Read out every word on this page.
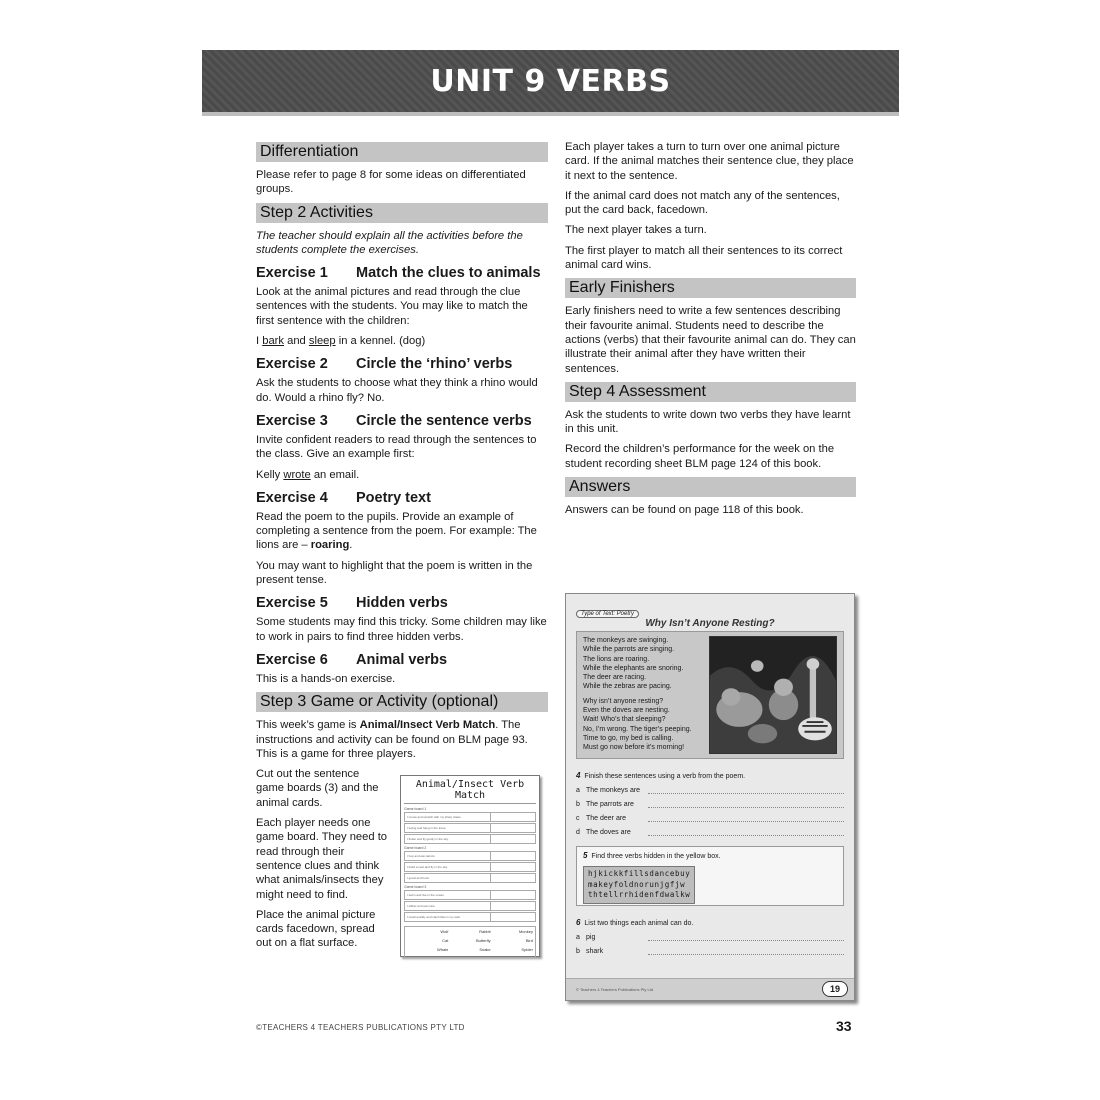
UNIT 9 VERBS
Differentiation

Please refer to page 8 for some ideas on differentiated groups.

Step 2 Activities

The teacher should explain all the activities before the students complete the exercises.

Exercise 1	Match the clues to animals

Look at the animal pictures and read through the clue sentences with the students. You may like to match the first sentence with the children:

I bark and sleep in a kennel. (dog)

Exercise 2	Circle the ‘rhino’ verbs

Ask the students to choose what they think a rhino would do. Would a rhino fly? No.

Exercise 3	Circle the sentence verbs

Invite confident readers to read through the sentences to the class. Give an example first:

Kelly wrote an email.

Exercise 4	Poetry text

Read the poem to the pupils. Provide an example of completing a sentence from the poem. For example: The lions are – roaring.

You may want to highlight that the poem is written in the present tense.

Exercise 5	Hidden verbs

Some students may find this tricky. Some children may like to work in pairs to find three hidden verbs.

Exercise 6	Animal verbs

This is a hands-on exercise.

Step 3 Game or Activity (optional)

This week’s game is Animal/Insect Verb Match. The instructions and activity can be found on BLM page 93. This is a game for three players.

Cut out the sentence game boards (3) and the animal cards.

Each player needs one game board. They need to read through their sentence clues and think what animals/insects they might need to find.

Place the animal picture cards facedown, spread out on a flat surface.

Animal/Insect Verb Match
Game board 1
I meow and scratch with my sharp claws.
I swing and hang in the trees.
I flutter and fly gently in the sky.
Game board 2
I hop and eat carrots.
I build a nest and fly in the sky.
I growl and howl.
Game board 3
I swim and live in the ocean.
I slither and eat mice.
I crawl quickly and catch flies in my web.
Wolf	Rabbit	Monkey
Cat	Butterfly	Bird
Whale	Snake	Spider

Each player takes a turn to turn over one animal picture card. If the animal matches their sentence clue, they place it next to the sentence.

If the animal card does not match any of the sentences, put the card back, facedown.

The next player takes a turn.

The first player to match all their sentences to its correct animal card wins.

Early Finishers

Early finishers need to write a few sentences describing their favourite animal. Students need to describe the actions (verbs) that their favourite animal can do. They can illustrate their animal after they have written their sentences.

Step 4 Assessment

Ask the students to write down two verbs they have learnt in this unit.

Record the children’s performance for the week on the student recording sheet BLM page 124 of this book.

Answers

Answers can be found on page 118 of this book.

Type of Text: Poetry
Why Isn’t Anyone Resting?
The monkeys are swinging.
While the parrots are singing.
The lions are roaring.
While the elephants are snoring.
The deer are racing.
While the zebras are pacing.
Why isn’t anyone resting?
Even the doves are nesting.
Wait! Who’s that sleeping?
No, I’m wrong. The tiger’s peeping.
Time to go, my bed is calling.
Must go now before it’s morning!
4 Finish these sentences using a verb from the poem.
a The monkeys are
b The parrots are
c The deer are
d The doves are
5 Find three verbs hidden in the yellow box.
hjkickkfillsdancebuy
makeyfoldnorunjgfjw
thtellrrhidenfdwalkw
6 List two things each animal can do.
a pig
b shark
© Teachers 4 Teachers Publications Pty Ltd	19
©TEACHERS 4 TEACHERS PUBLICATIONS PTY LTD	33
